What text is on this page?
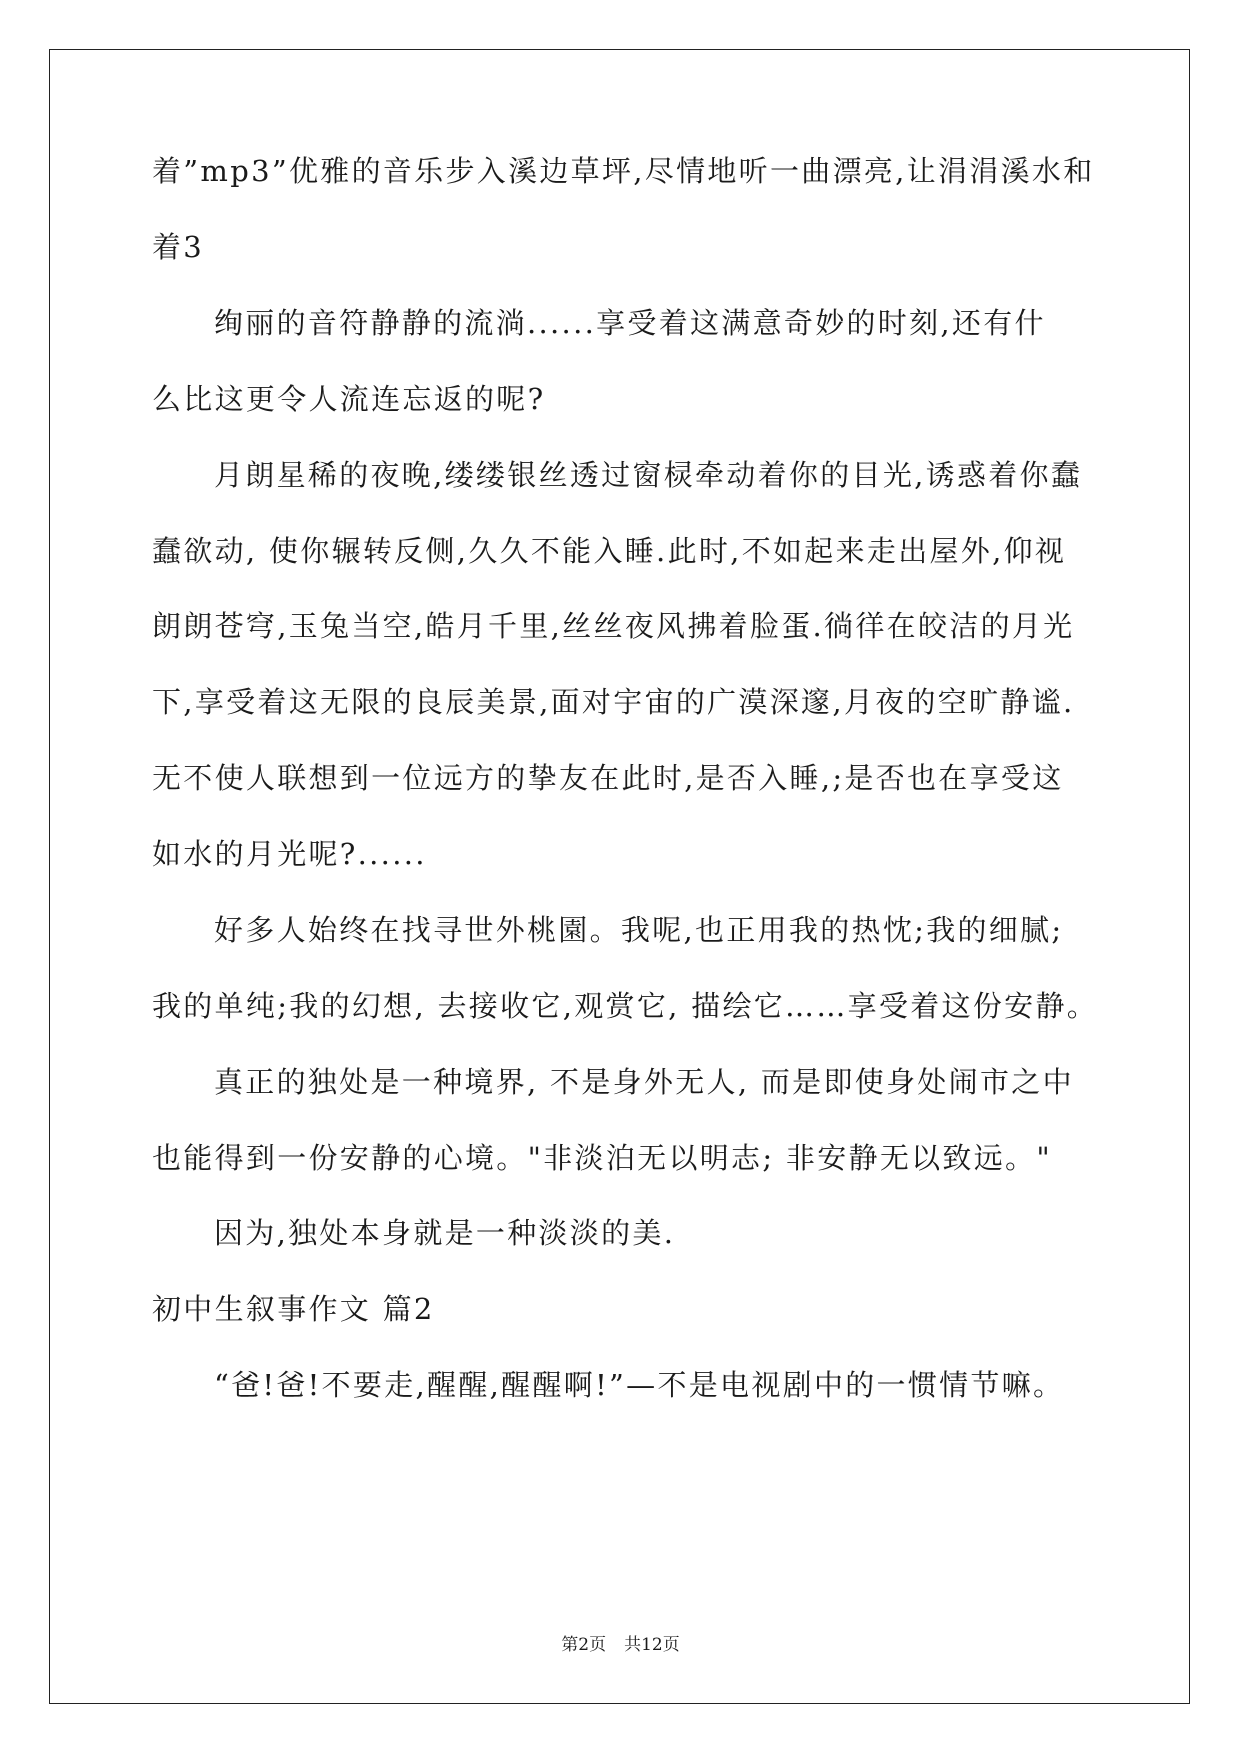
着”mp3”优雅的音乐步入溪边草坪,尽情地听一曲漂亮,让涓涓溪水和

着3

绚丽的音符静静的流淌......享受着这满意奇妙的时刻,还有什

么比这更令人流连忘返的呢?

月朗星稀的夜晚,缕缕银丝透过窗棂牵动着你的目光,诱惑着你蠢

蠢欲动, 使你辗转反侧,久久不能入睡.此时,不如起来走出屋外,仰视

朗朗苍穹,玉兔当空,皓月千里,丝丝夜风拂着脸蛋.徜徉在皎洁的月光

下,享受着这无限的良辰美景,面对宇宙的广漠深邃,月夜的空旷静谧.

无不使人联想到一位远方的挚友在此时,是否入睡,;是否也在享受这

如水的月光呢?......

好多人始终在找寻世外桃園。我呢,也正用我的热忱;我的细腻;

我的单纯;我的幻想, 去接收它,观赏它, 描绘它……享受着这份安静。

真正的独处是一种境界, 不是身外无人, 而是即使身处闹市之中

也能得到一份安静的心境。"非淡泊无以明志; 非安静无以致远。"

因为,独处本身就是一种淡淡的美.

初中生叙事作文 篇2

“爸!爸!不要走,醒醒,醒醒啊!”—不是电视剧中的一惯情节嘛。

第2页 共12页
